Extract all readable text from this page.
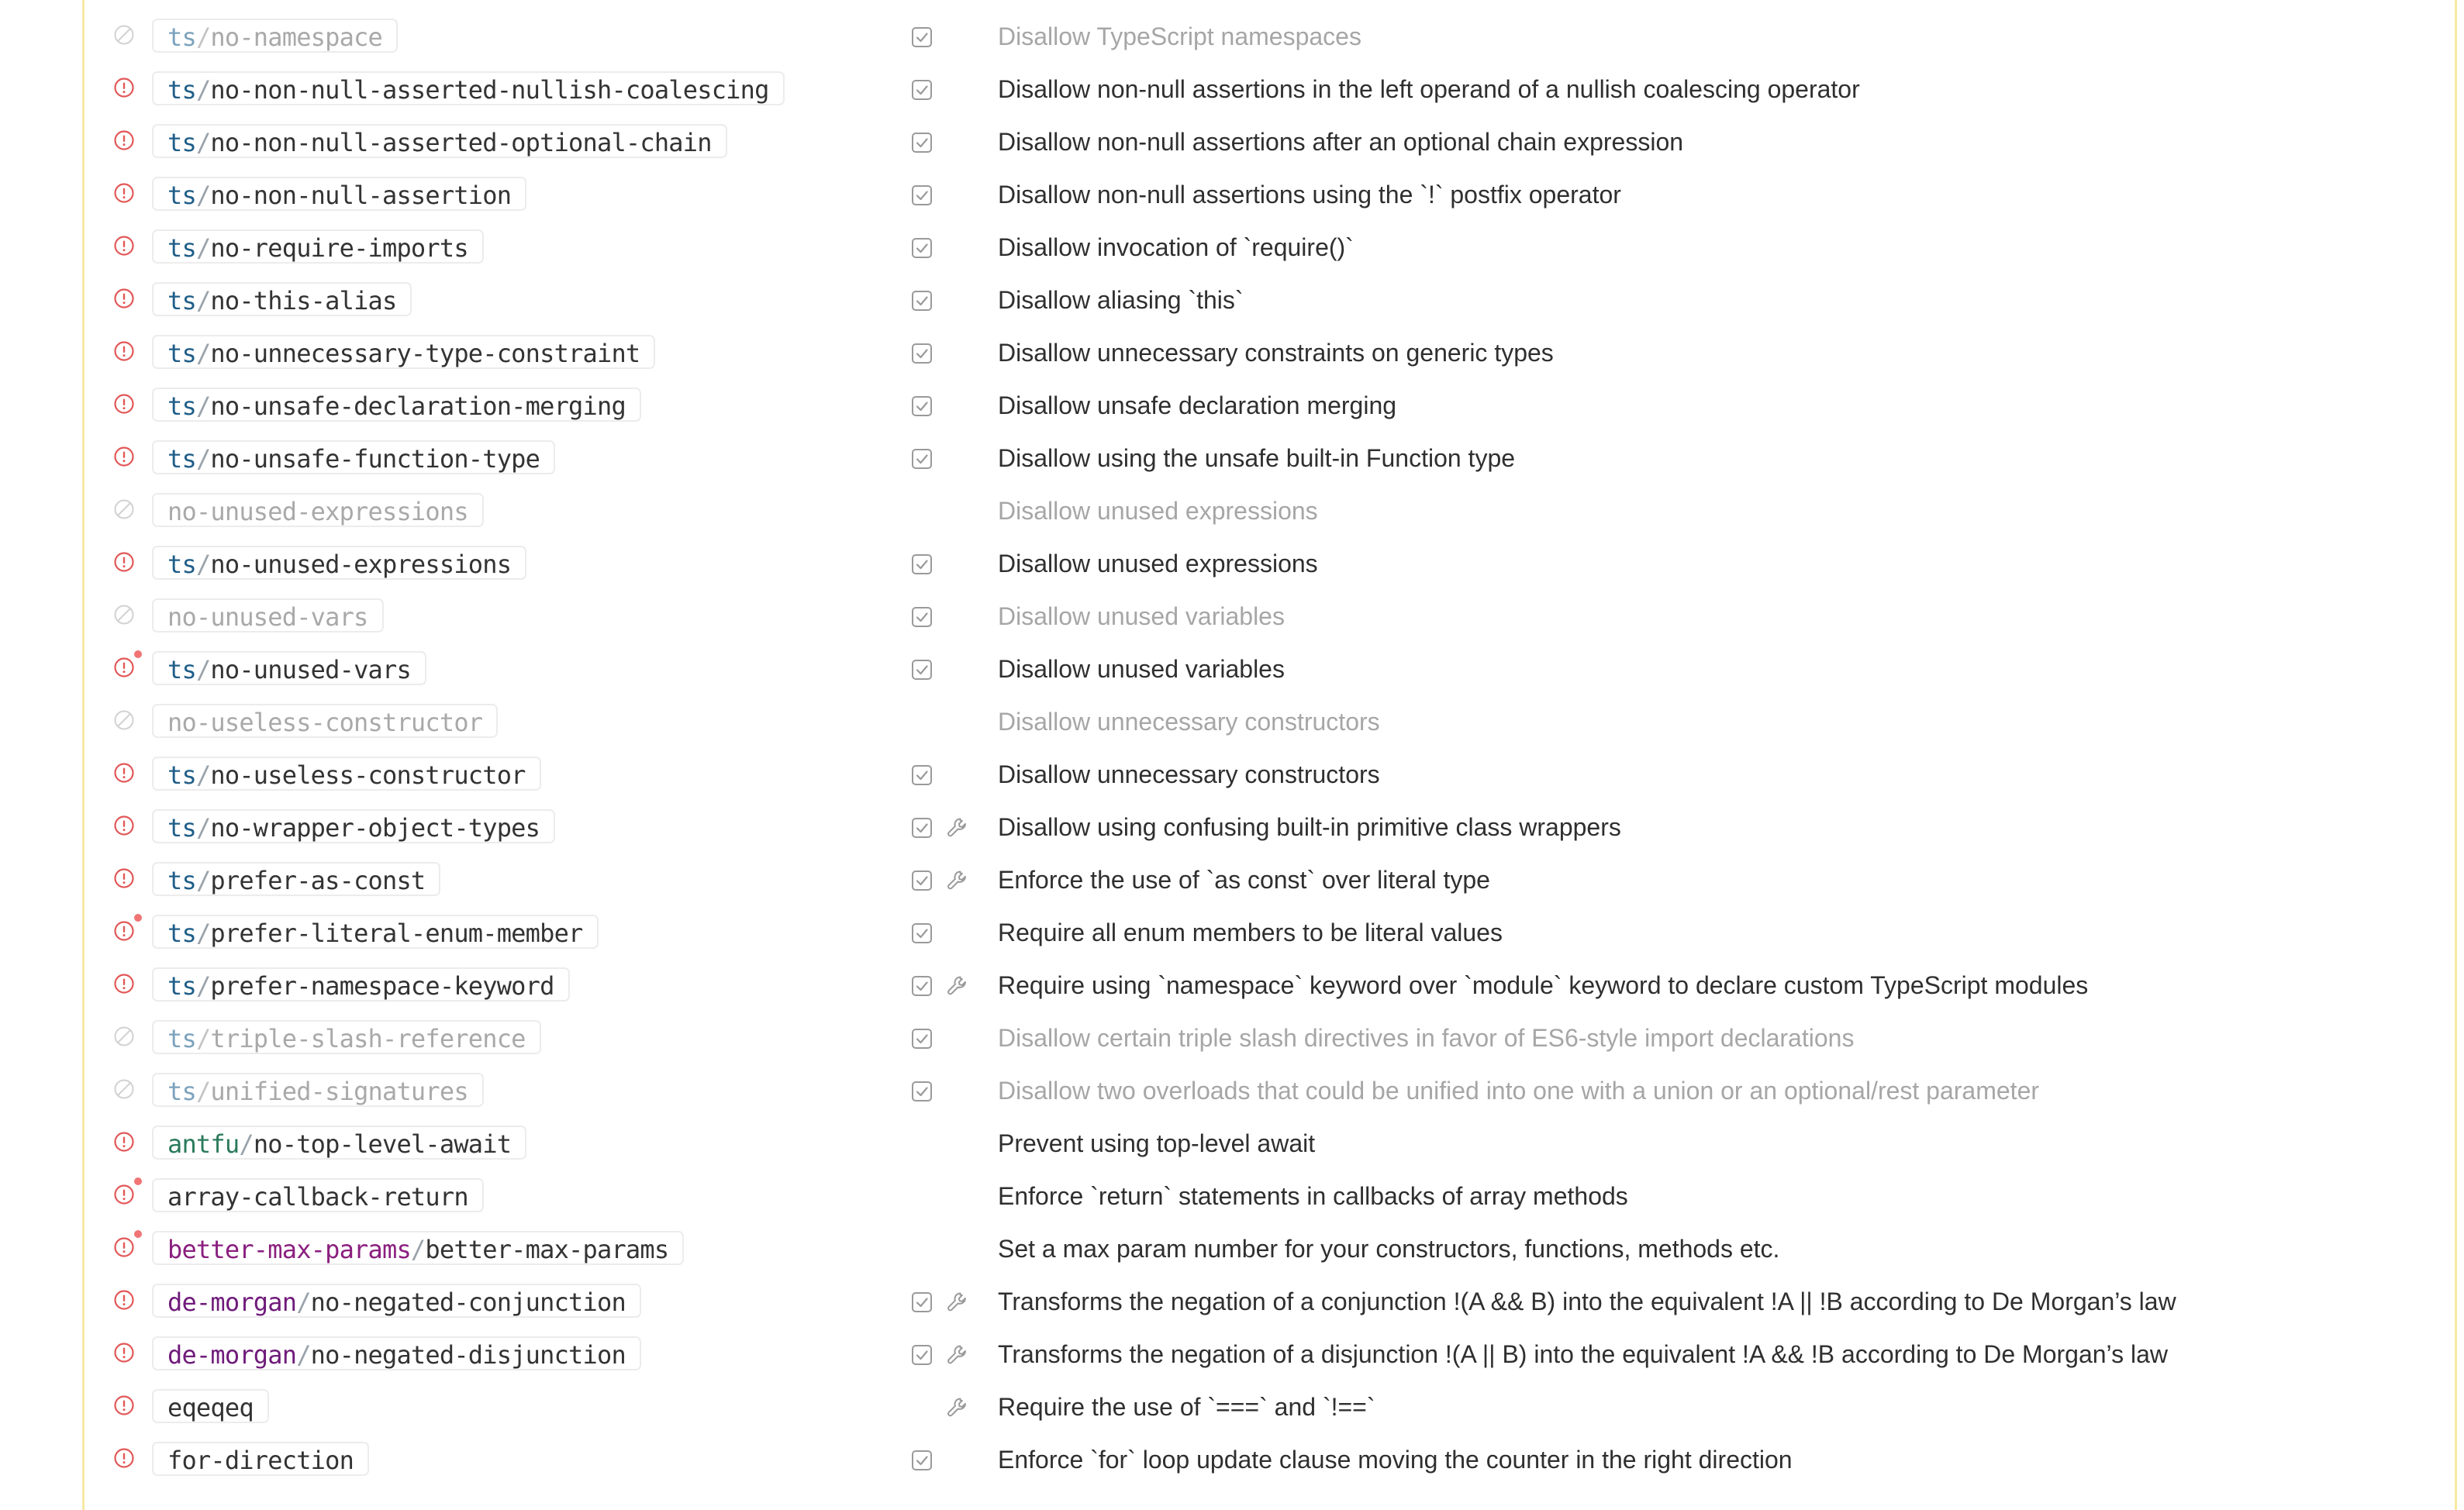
ts/no-namespace	Disallow TypeScript namespaces
ts/no-non-null-asserted-nullish-coalescing	Disallow non-null assertions in the left operand of a nullish coalescing operator
ts/no-non-null-asserted-optional-chain	Disallow non-null assertions after an optional chain expression
ts/no-non-null-assertion	Disallow non-null assertions using the `!` postfix operator
ts/no-require-imports	Disallow invocation of `require()`
ts/no-this-alias	Disallow aliasing `this`
ts/no-unnecessary-type-constraint	Disallow unnecessary constraints on generic types
ts/no-unsafe-declaration-merging	Disallow unsafe declaration merging
ts/no-unsafe-function-type	Disallow using the unsafe built-in Function type
no-unused-expressions	Disallow unused expressions
ts/no-unused-expressions	Disallow unused expressions
no-unused-vars	Disallow unused variables
ts/no-unused-vars	Disallow unused variables
no-useless-constructor	Disallow unnecessary constructors
ts/no-useless-constructor	Disallow unnecessary constructors
ts/no-wrapper-object-types	Disallow using confusing built-in primitive class wrappers
ts/prefer-as-const	Enforce the use of `as const` over literal type
ts/prefer-literal-enum-member	Require all enum members to be literal values
ts/prefer-namespace-keyword	Require using `namespace` keyword over `module` keyword to declare custom TypeScript modules
ts/triple-slash-reference	Disallow certain triple slash directives in favor of ES6-style import declarations
ts/unified-signatures	Disallow two overloads that could be unified into one with a union or an optional/rest parameter
antfu/no-top-level-await	Prevent using top-level await
array-callback-return	Enforce `return` statements in callbacks of array methods
better-max-params/better-max-params	Set a max param number for your constructors, functions, methods etc.
de-morgan/no-negated-conjunction	Transforms the negation of a conjunction !(A && B) into the equivalent !A || !B according to De Morgan’s law
de-morgan/no-negated-disjunction	Transforms the negation of a disjunction !(A || B) into the equivalent !A && !B according to De Morgan’s law
eqeqeq	Require the use of `===` and `!==`
for-direction	Enforce `for` loop update clause moving the counter in the right direction
